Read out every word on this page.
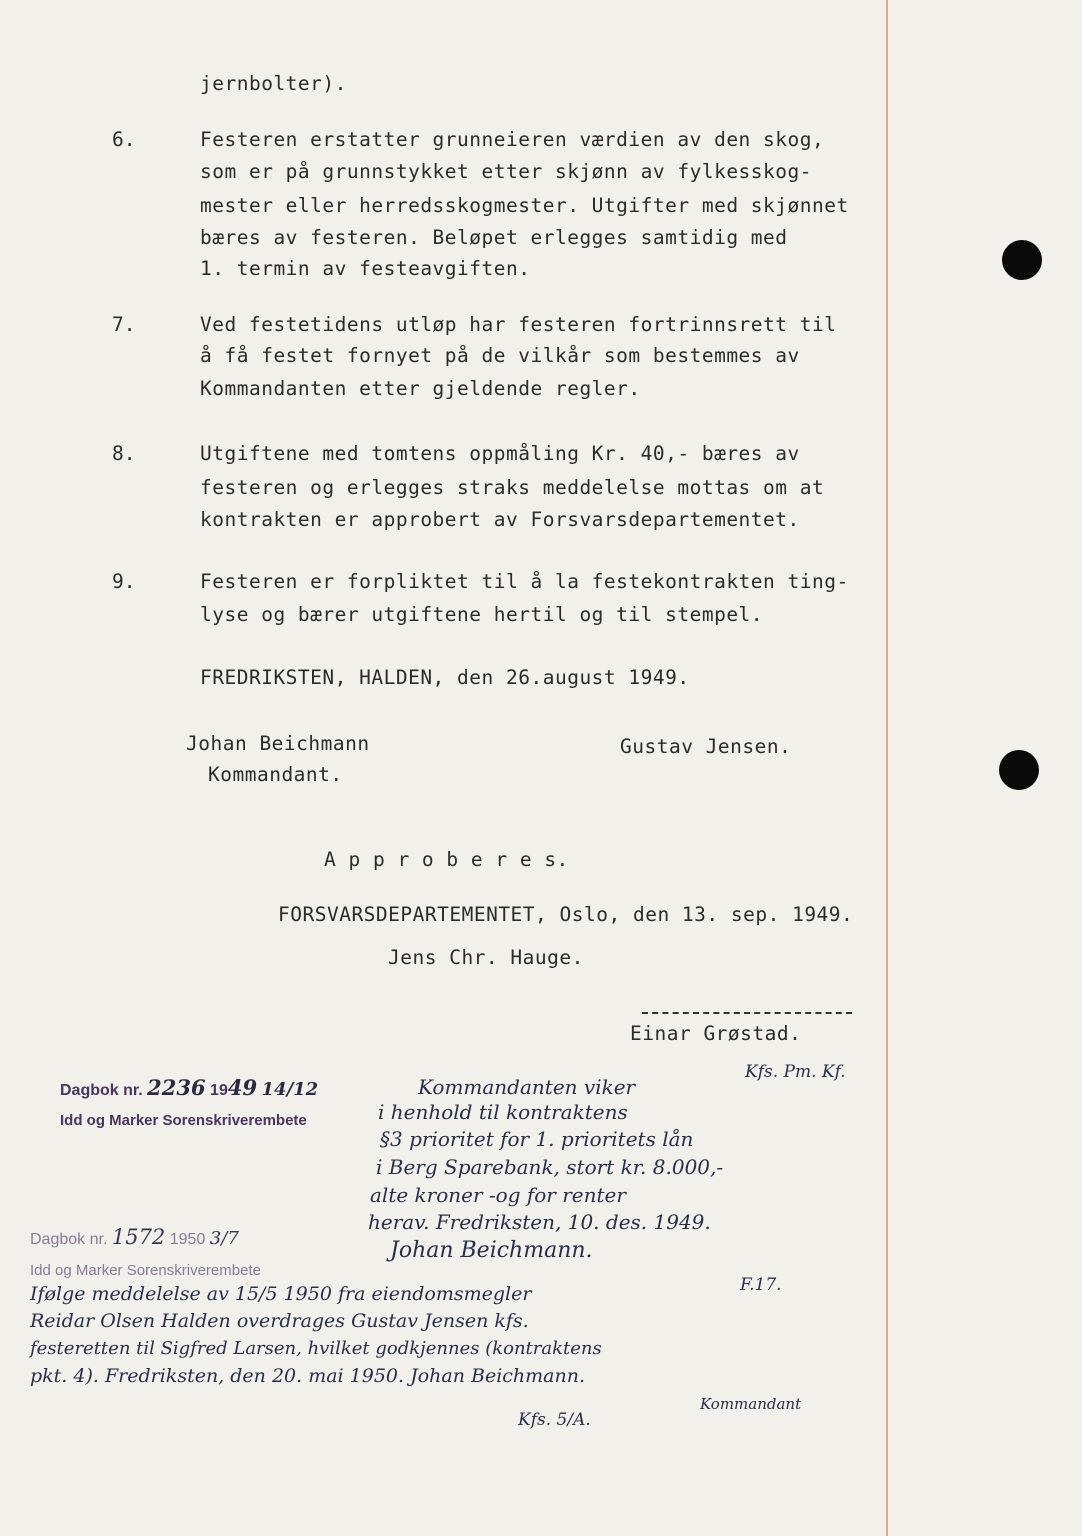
jernbolter).
6.	Festeren erstatter grunneieren værdien av den skog,
som er på grunnstykket etter skjønn av fylkesskog-
mester eller herredsskogmester. Utgifter med skjønnet
bæres av festeren. Beløpet erlegges samtidig med
1. termin av festeavgiften.
7.	Ved festetidens utløp har festeren fortrinnsrett til
å få festet fornyet på de vilkår som bestemmes av
Kommandanten etter gjeldende regler.
8.	Utgiftene med tomtens oppmåling Kr. 40,- bæres av
festeren og erlegges straks meddelelse mottas om at
kontrakten er approbert av Forsvarsdepartementet.
9.	Festeren er forpliktet til å la festekontrakten ting-
lyse og bærer utgiftene hertil og til stempel.
FREDRIKSTEN, HALDEN, den 26.august 1949.
Johan Beichmann
Kommandant.
Gustav Jensen.
A p p r o b e r e s.
FORSVARSDEPARTEMENTET, Oslo, den 13. sep. 1949.
Jens Chr. Hauge.
Einar Grøstad.
Dagbok nr. 2236 1949 14/12
Idd og Marker Sorenskriverembete
Kommandanten viker
Kfs. Pm. Kf.
i henhold til kontraktens
§3 prioritet for 1. prioritets lån
i Berg Sparebank, stort kr. 8.000,-
alte kroner -og for renter
herav. Fredriksten, 10. des. 1949.
Johan Beichmann.
Dagbok nr. 1572 1950 3/7
Idd og Marker Sorenskriverembete
Ifølge meddelelse av 15/5 1950 fra eiendomsmegler	F.17.
Reidar Olsen Halden overdrages Gustav Jensen kfs.
festeretten til Sigfred Larsen, hvilket godkjennes (kontraktens
pkt. 4). Fredriksten, den 20. mai 1950. Johan Beichmann.
Kommandant
Kfs. 5/A.
